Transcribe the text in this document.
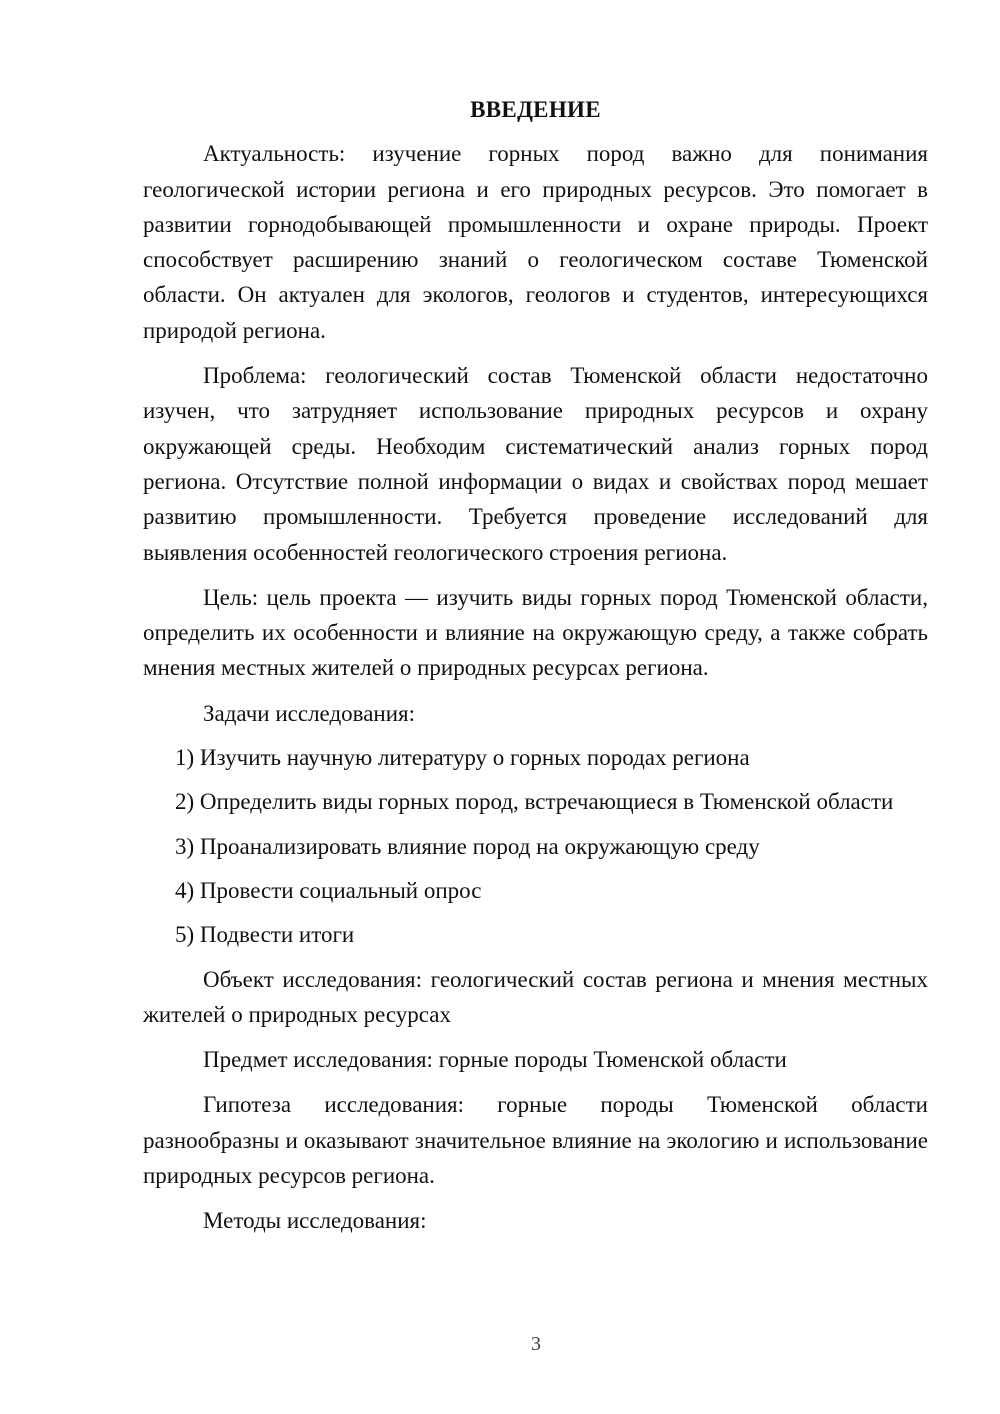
ВВЕДЕНИЕ

Актуальность: изучение горных пород важно для понимания геологической истории региона и его природных ресурсов. Это помогает в развитии горнодобывающей промышленности и охране природы. Проект способствует расширению знаний о геологическом составе Тюменской области. Он актуален для экологов, геологов и студентов, интересующихся природой региона.

Проблема: геологический состав Тюменской области недостаточно изучен, что затрудняет использование природных ресурсов и охрану окружающей среды. Необходим систематический анализ горных пород региона. Отсутствие полной информации о видах и свойствах пород мешает развитию промышленности. Требуется проведение исследований для выявления особенностей геологического строения региона.

Цель: цель проекта — изучить виды горных пород Тюменской области, определить их особенности и влияние на окружающую среду, а также собрать мнения местных жителей о природных ресурсах региона.

Задачи исследования:

1) Изучить научную литературу о горных породах региона

2) Определить виды горных пород, встречающиеся в Тюменской области

3) Проанализировать влияние пород на окружающую среду

4) Провести социальный опрос

5) Подвести итоги

Объект исследования: геологический состав региона и мнения местных жителей о природных ресурсах

Предмет исследования: горные породы Тюменской области

Гипотеза исследования: горные породы Тюменской области разнообразны и оказывают значительное влияние на экологию и использование природных ресурсов региона.

Методы исследования:

3
